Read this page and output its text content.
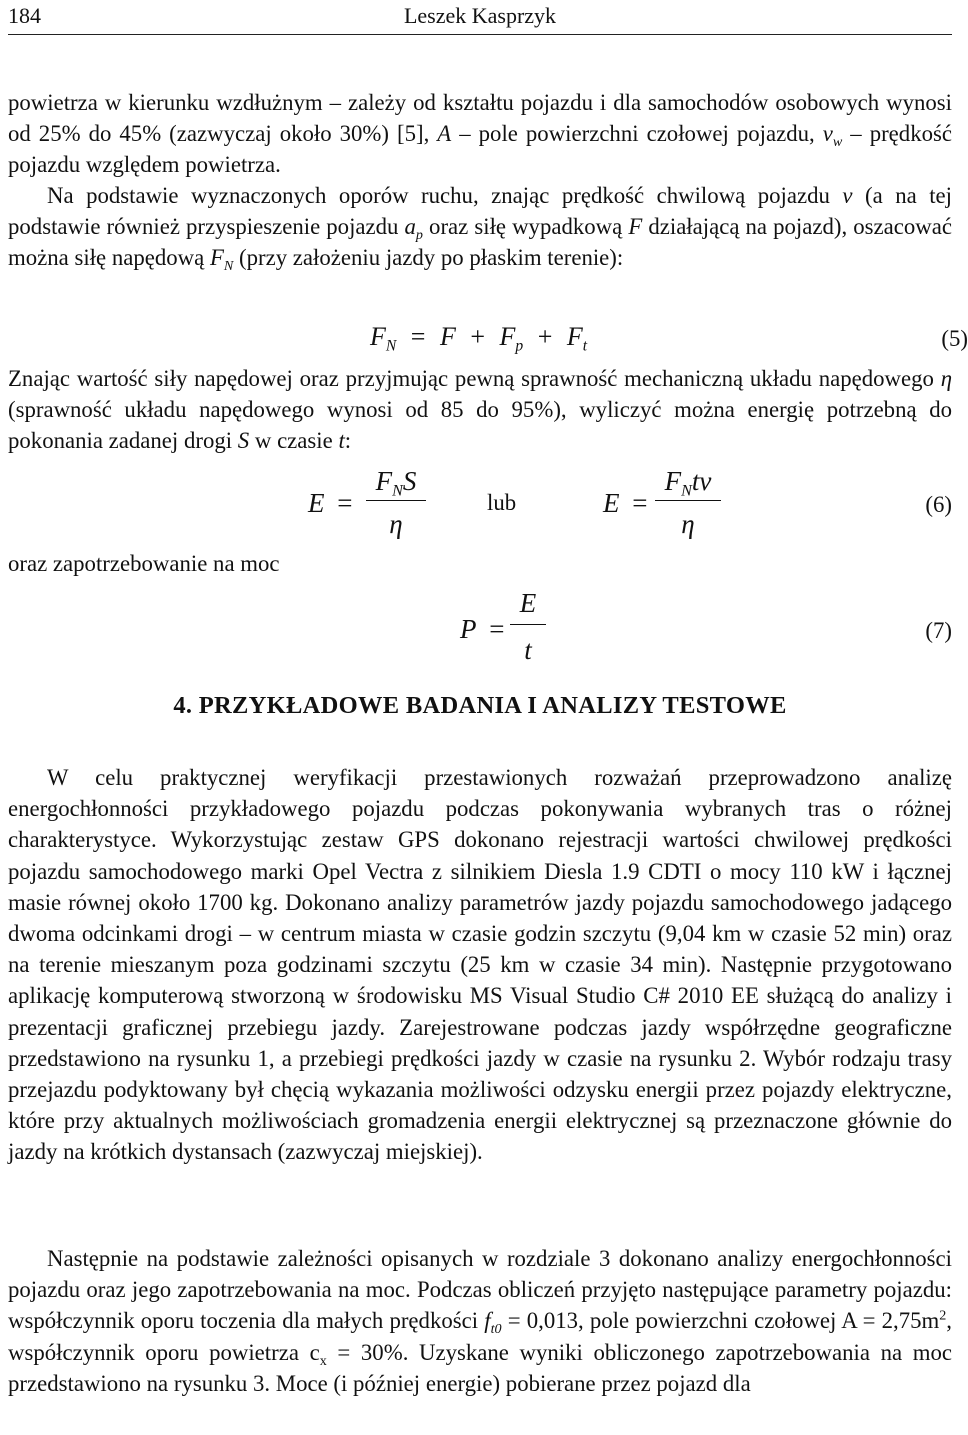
184	Leszek Kasprzyk

powietrza w kierunku wzdłużnym – zależy od kształtu pojazdu i dla samochodów osobowych wynosi od 25% do 45% (zazwyczaj około 30%) [5], A – pole powierzchni czołowej pojazdu, $v_w$ – prędkość pojazdu względem powietrza.

Na podstawie wyznaczonych oporów ruchu, znając prędkość chwilową pojazdu v (a na tej podstawie również przyspieszenie pojazdu $a_p$ oraz siłę wypadkową F działającą na pojazd), oszacować można siłę napędową $F_N$ (przy założeniu jazdy po płaskim terenie):

$F_N = F + F_p + F_t$	(5)

Znając wartość siły napędowej oraz przyjmując pewną sprawność mechaniczną układu napędowego η (sprawność układu napędowego wynosi od 85 do 95%), wyliczyć można energię potrzebną do pokonania zadanej drogi S w czasie t:

E =
$F_NS$
η
lub	E =
$F_Ntv$
η
(6)

oraz zapotrzebowanie na moc

P =
E
t
(7)
4. PRZYKŁADOWE BADANIA I ANALIZY TESTOWE

W celu praktycznej weryfikacji przestawionych rozważań przeprowadzono analizę energochłonności przykładowego pojazdu podczas pokonywania wybranych tras o różnej charakterystyce. Wykorzystując zestaw GPS dokonano rejestracji wartości chwilowej prędkości pojazdu samochodowego marki Opel Vectra z silnikiem Diesla 1.9 CDTI o mocy 110 kW i łącznej masie równej około 1700 kg. Dokonano analizy parametrów jazdy pojazdu samochodowego jadącego dwoma odcinkami drogi – w centrum miasta w czasie godzin szczytu (9,04 km w czasie 52 min) oraz na terenie mieszanym poza godzinami szczytu (25 km w czasie 34 min). Następnie przygotowano aplikację komputerową stworzoną w środowisku MS Visual Studio C# 2010 EE służącą do analizy i prezentacji graficznej przebiegu jazdy. Zarejestrowane podczas jazdy współrzędne geograficzne przedstawiono na rysunku 1, a przebiegi prędkości jazdy w czasie na rysunku 2. Wybór rodzaju trasy przejazdu podyktowany był chęcią wykazania możliwości odzysku energii przez pojazdy elektryczne, które przy aktualnych możliwościach gromadzenia energii elektrycznej są przeznaczone głównie do jazdy na krótkich dystansach (zazwyczaj miejskiej).

Następnie na podstawie zależności opisanych w rozdziale 3 dokonano analizy energochłonności pojazdu oraz jego zapotrzebowania na moc. Podczas obliczeń przyjęto następujące parametry pojazdu: współczynnik oporu toczenia dla małych prędkości $f_{t0} = 0,013$, pole powierzchni czołowej $A = 2,75m^2$, współczynnik oporu powietrza $c_x = 30\%$. Uzyskane wyniki obliczonego zapotrzebowania na moc przedstawiono na rysunku 3. Moce (i później energie) pobierane przez pojazd dla
